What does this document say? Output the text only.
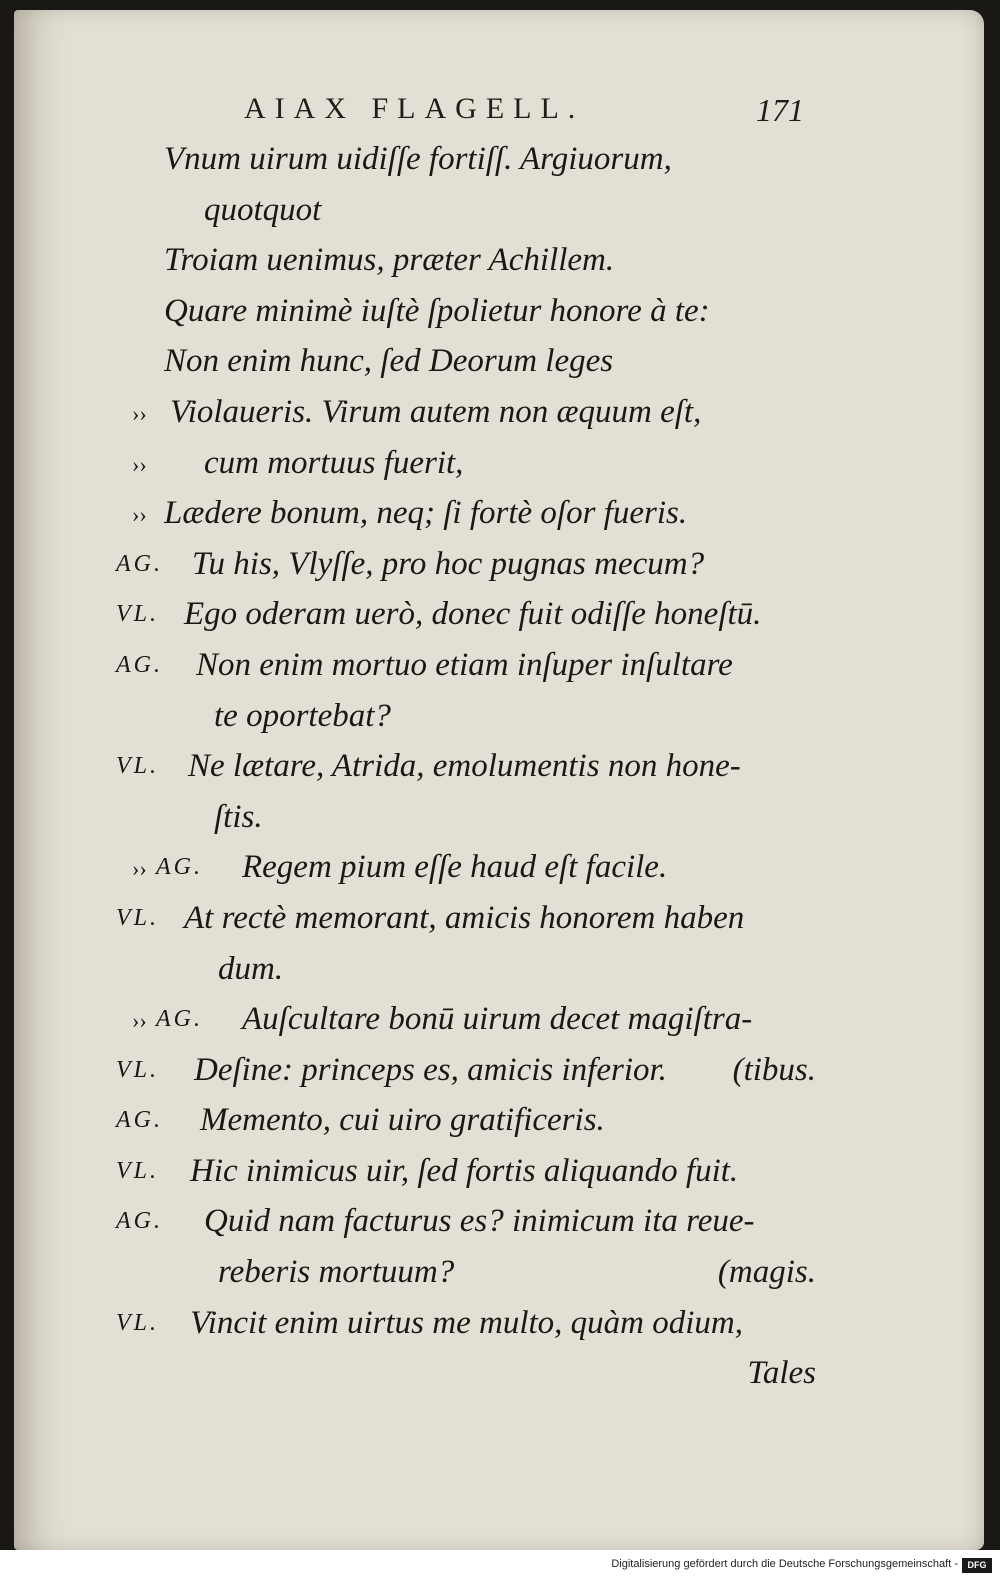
AIAX FLAGELL.	171
Vnum uirum uidiſſe fortiſſ. Argiuorum,
quotquot
Troiam uenimus, præter Achillem.
Quare minimè iuſtè ſpolietur honore à te:
Non enim hunc, ſed Deorum leges
›› Violaueris. Virum autem non æquum eſt,
›› cum mortuus fuerit,
›› Lædere bonum, neq; ſi fortè oſor fueris.
AG. Tu his, Vlyſſe, pro hoc pugnas mecum?
VL. Ego oderam uerò, donec fuit odiſſe honeſtū.
AG. Non enim mortuo etiam inſuper inſultare
te oportebat?
VL. Ne lætare, Atrida, emolumentis non hone-
ſtis.
›› AG. Regem pium eſſe haud eſt facile.
VL. At rectè memorant, amicis honorem haben
dum.
›› AG. Auſcultare bonū uirum decet magiſtra-
VL. Deſine: princeps es, amicis inferior. (tibus.
AG. Memento, cui uiro gratificeris.
VL. Hic inimicus uir, ſed fortis aliquando fuit.
AG. Quid nam facturus es? inimicum ita reue-
reberis mortuum?	(magis.
VL. Vincit enim uirtus me multo, quàm odium,
Tales
Digitalisierung gefördert durch die Deutsche Forschungsgemeinschaft -	DFG
